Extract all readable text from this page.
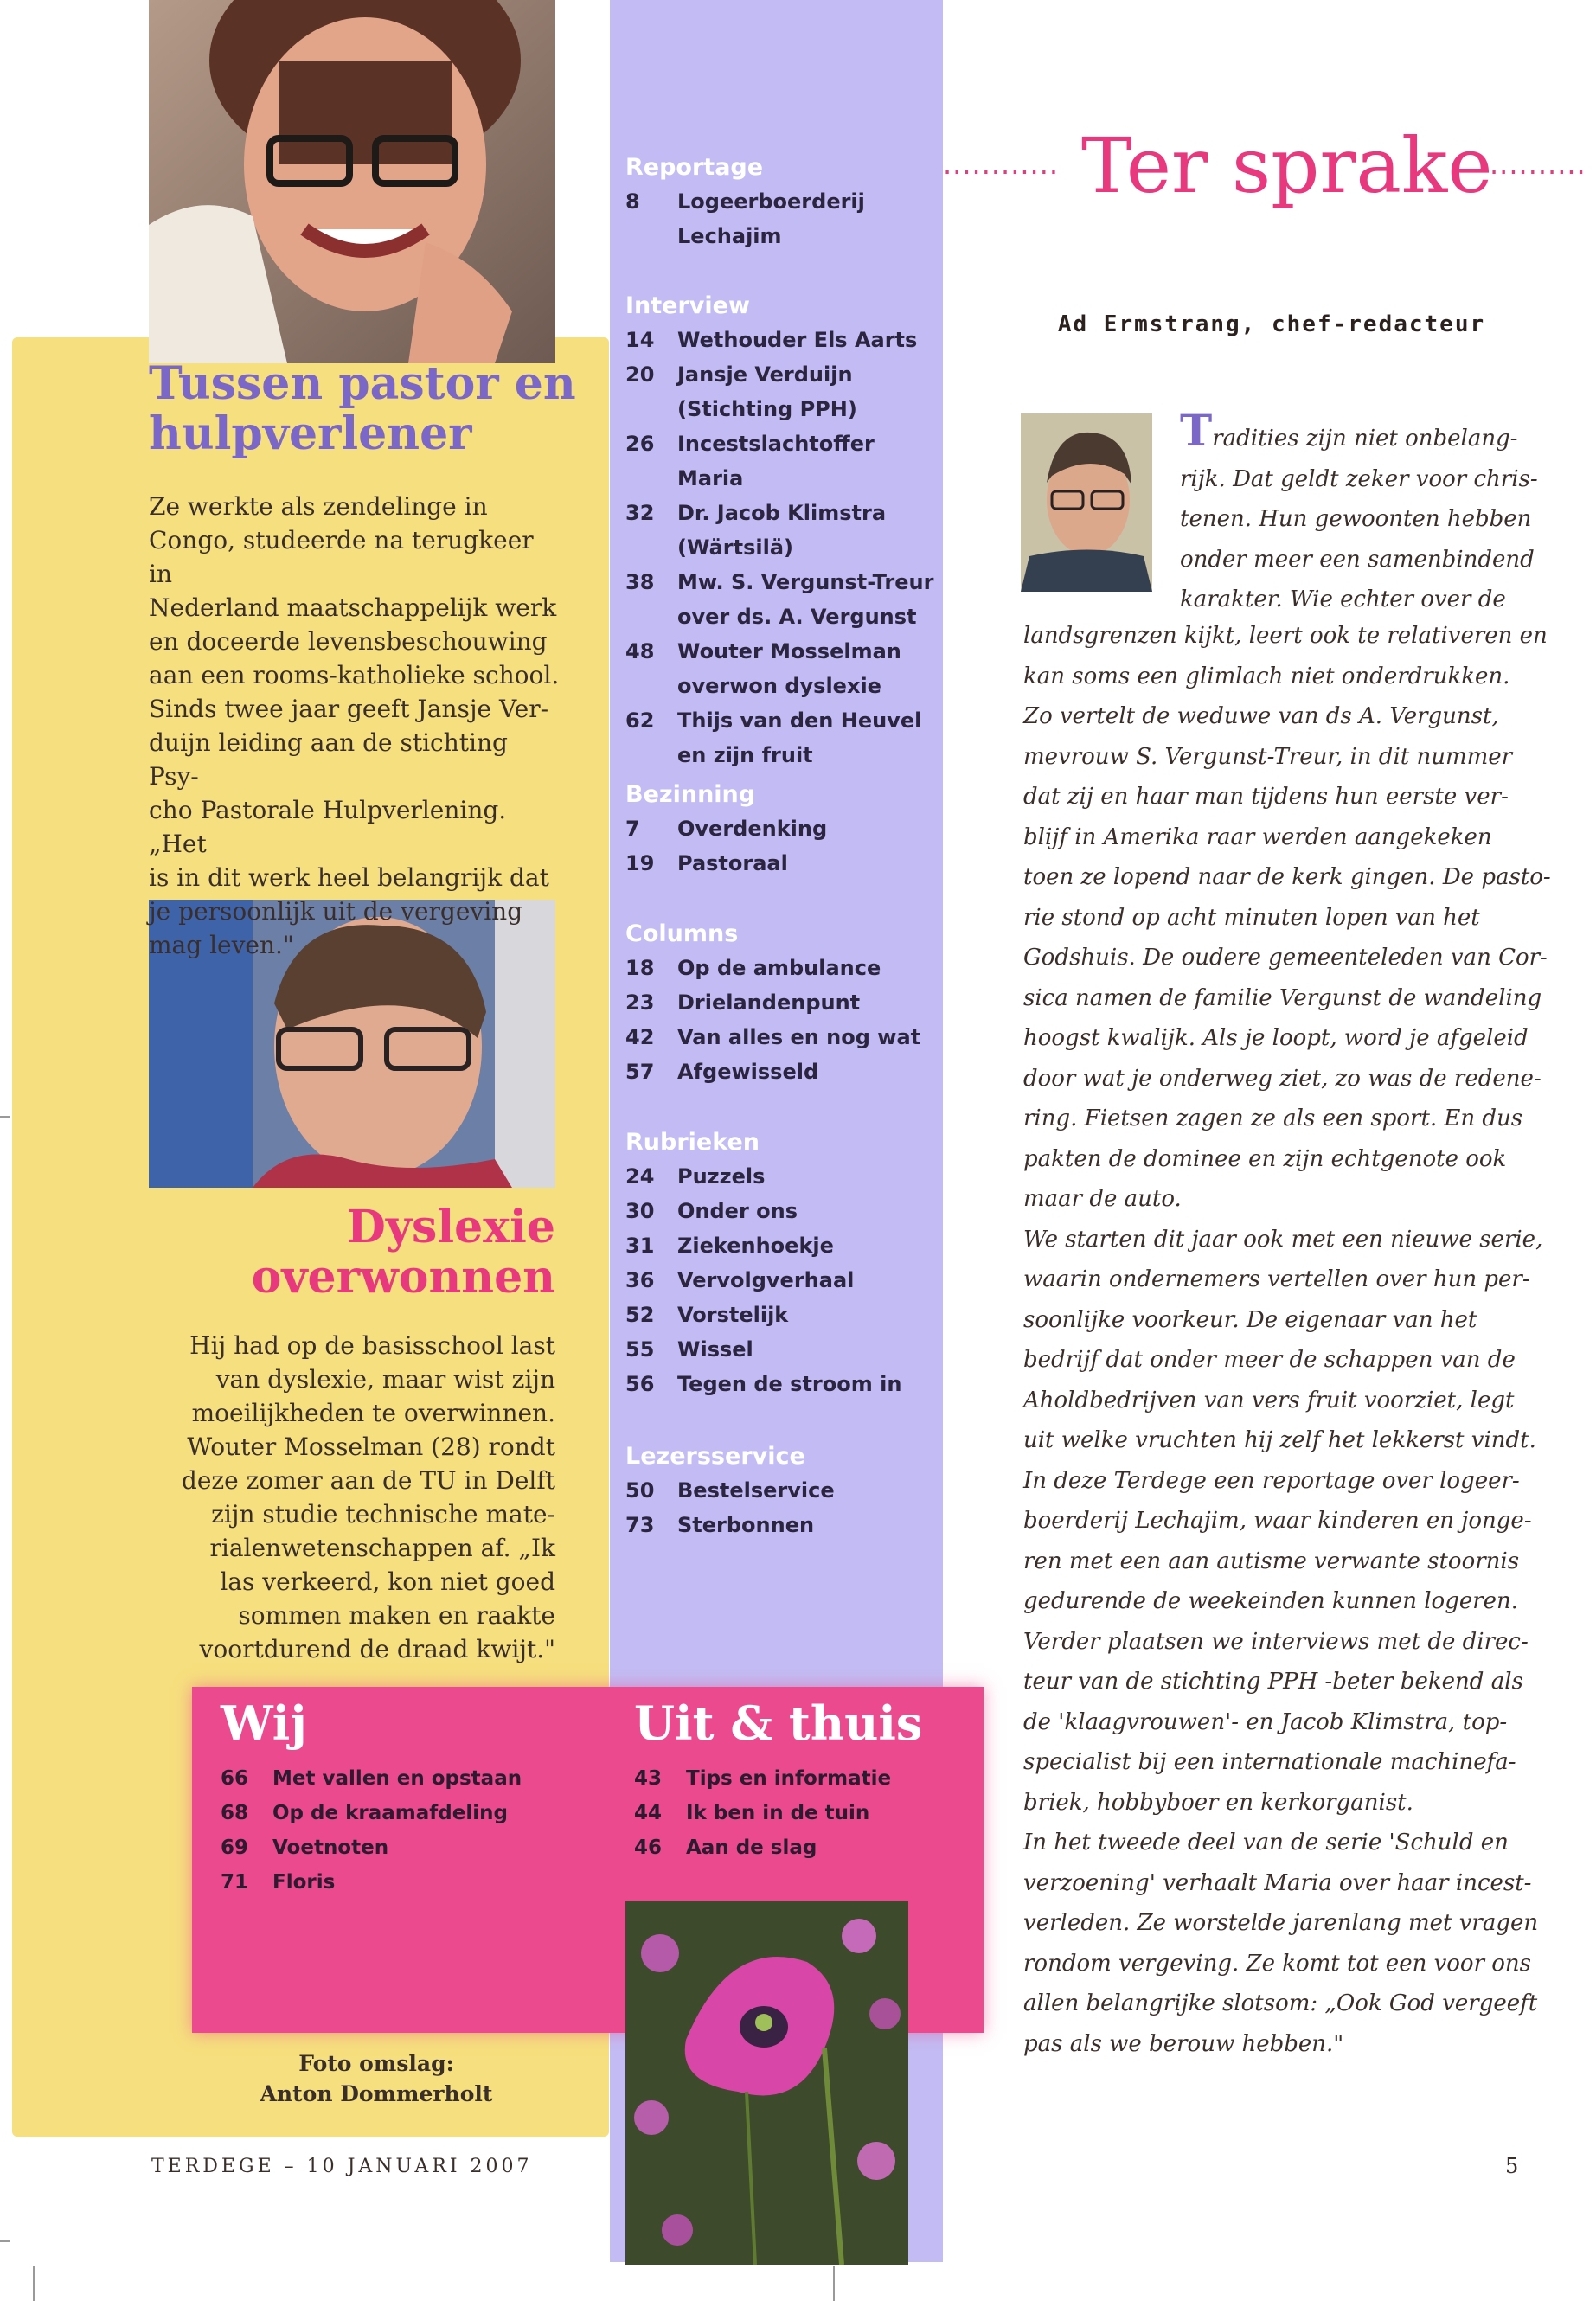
Tussen pastor en hulpverlener
Ze werkte als zendelinge in
Congo, studeerde na terugkeer in
Nederland maatschappelijk werk
en doceerde levensbeschouwing
aan een rooms-katholieke school.
Sinds twee jaar geeft Jansje Ver-
duijn leiding aan de stichting Psy-
cho Pastorale Hulpverlening. „Het
is in dit werk heel belangrijk dat
je persoonlijk uit de vergeving
mag leven."
Dyslexie overwonnen
Hij had op de basisschool last
van dyslexie, maar wist zijn
moeilijkheden te overwinnen.
Wouter Mosselman (28) rondt
deze zomer aan de TU in Delft
zijn studie technische mate-
rialenwetenschappen af. „Ik
las verkeerd, kon niet goed
sommen maken en raakte
voortdurend de draad kwijt."
Reportage
8	Logeerboerderij Lechajim
Interview
14	Wethouder Els Aarts
20	Jansje Verduijn (Stichting PPH)
26	Incestslachtoffer Maria
32	Dr. Jacob Klimstra (Wärtsilä)
38	Mw. S. Vergunst-Treur over ds. A. Vergunst
48	Wouter Mosselman overwon dyslexie
62	Thijs van den Heuvel en zijn fruit
Bezinning
7	Overdenking
19	Pastoraal
Columns
18	Op de ambulance
23	Drielandenpunt
42	Van alles en nog wat
57	Afgewisseld
Rubrieken
24	Puzzels
30	Onder ons
31	Ziekenhoekje
36	Vervolgverhaal
52	Vorstelijk
55	Wissel
56	Tegen de stroom in
Lezersservice
50	Bestelservice
73	Sterbonnen
············ Ter sprake
··········
Ad Ermstrang, chef-redacteur
Tradities zijn niet onbelang-
rijk. Dat geldt zeker voor chris-
tenen. Hun gewoonten hebben
onder meer een samenbindend
karakter. Wie echter over de
landsgrenzen kijkt, leert ook te relativeren en
kan soms een glimlach niet onderdrukken.
Zo vertelt de weduwe van ds A. Vergunst,
mevrouw S. Vergunst-Treur, in dit nummer
dat zij en haar man tijdens hun eerste ver-
blijf in Amerika raar werden aangekeken
toen ze lopend naar de kerk gingen. De pasto-
rie stond op acht minuten lopen van het
Godshuis. De oudere gemeenteleden van Cor-
sica namen de familie Vergunst de wandeling
hoogst kwalijk. Als je loopt, word je afgeleid
door wat je onderweg ziet, zo was de redene-
ring. Fietsen zagen ze als een sport. En dus
pakten de dominee en zijn echtgenote ook
maar de auto.
We starten dit jaar ook met een nieuwe serie,
waarin ondernemers vertellen over hun per-
soonlijke voorkeur. De eigenaar van het
bedrijf dat onder meer de schappen van de
Aholdbedrijven van vers fruit voorziet, legt
uit welke vruchten hij zelf het lekkerst vindt.
In deze Terdege een reportage over logeer-
boerderij Lechajim, waar kinderen en jonge-
ren met een aan autisme verwante stoornis
gedurende de weekeinden kunnen logeren.
Verder plaatsen we interviews met de direc-
teur van de stichting PPH -beter bekend als
de 'klaagvrouwen'- en Jacob Klimstra, top-
specialist bij een internationale machinefa-
briek, hobbyboer en kerkorganist.
In het tweede deel van de serie 'Schuld en
verzoening' verhaalt Maria over haar incest-
verleden. Ze worstelde jarenlang met vragen
rondom vergeving. Ze komt tot een voor ons
allen belangrijke slotsom: „Ook God vergeeft
pas als we berouw hebben."
Wij
66	Met vallen en opstaan
68	Op de kraamafdeling
69	Voetnoten
71	Floris
Uit & thuis
43	Tips en informatie
44	Ik ben in de tuin
46	Aan de slag
Foto omslag:
Anton Dommerholt
TERDEGE – 10 JANUARI 2007	5
